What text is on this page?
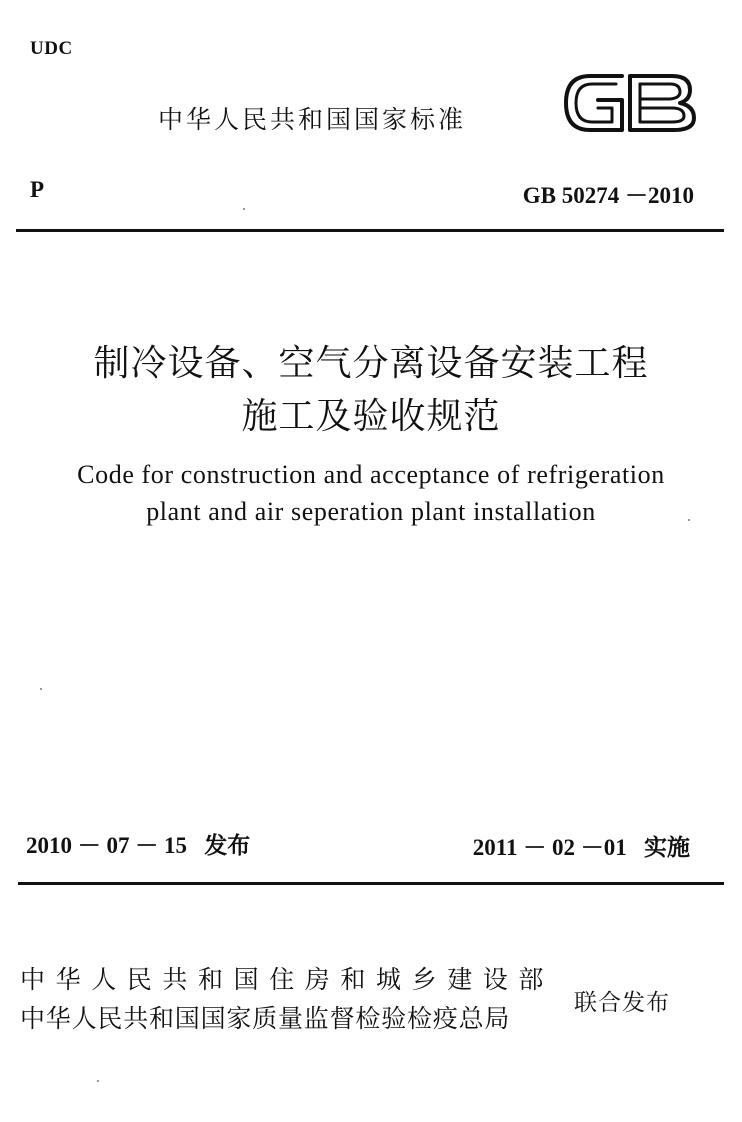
UDC
中华人民共和国国家标准	GB
P	GB 50274 －2010
制冷设备、空气分离设备安装工程
施工及验收规范
Code for construction and acceptance of refrigeration
plant and air seperation plant installation
2010 － 07 － 15   发布	2011 － 02 －01   实施
中华人民共和国住房和城乡建设部
中华人民共和国国家质量监督检验检疫总局
联合发布
